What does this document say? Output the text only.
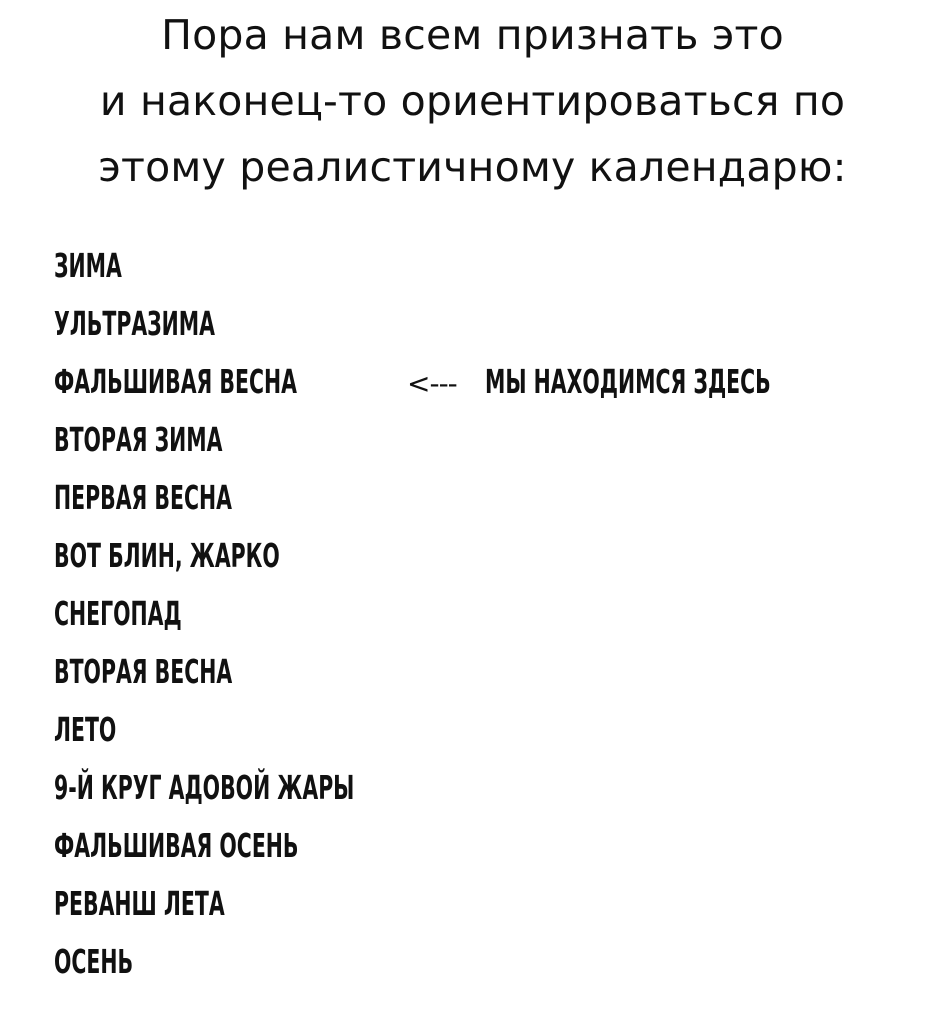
Пора нам всем признать это
и наконец-то ориентироваться по
этому реалистичному календарю:
ЗИМА
УЛЬТРАЗИМА
ФАЛЬШИВАЯ ВЕСНА
ВТОРАЯ ЗИМА
ПЕРВАЯ ВЕСНА
ВОТ БЛИН, ЖАРКО
СНЕГОПАД
ВТОРАЯ ВЕСНА
ЛЕТО
9-Й КРУГ АДОВОЙ ЖАРЫ
ФАЛЬШИВАЯ ОСЕНЬ
РЕВАНШ ЛЕТА
ОСЕНЬ
<--- МЫ НАХОДИМСЯ ЗДЕСЬ
